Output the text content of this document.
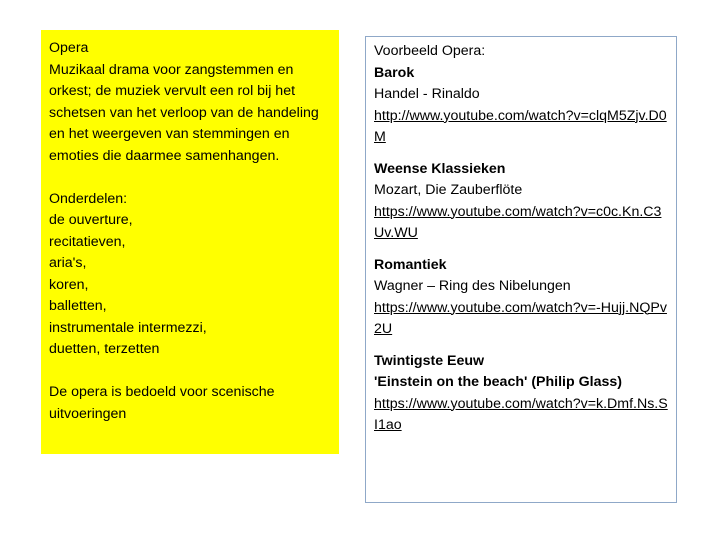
Opera
Muzikaal drama voor zangstemmen en orkest; de muziek vervult een rol bij het schetsen van het verloop van de handeling en het weergeven van stemmingen en emoties die daarmee samenhangen.
Onderdelen:
de ouverture,
recitatieven,
aria's,
koren,
balletten,
instrumentale intermezzi,
duetten, terzetten
De opera is bedoeld voor scenische uitvoeringen
Voorbeeld Opera:
Barok
Handel - Rinaldo
http://www.youtube.com/watch?v=clqM5Zjv.D0M
Weense Klassieken
Mozart, Die Zauberflöte
https://www.youtube.com/watch?v=c0c.Kn.C3Uv.WU
Romantiek
Wagner – Ring des Nibelungen
https://www.youtube.com/watch?v=-Hujj.NQPv2U
Twintigste Eeuw
'Einstein on the beach' (Philip Glass)
https://www.youtube.com/watch?v=k.Dmf.Ns.SI1ao
